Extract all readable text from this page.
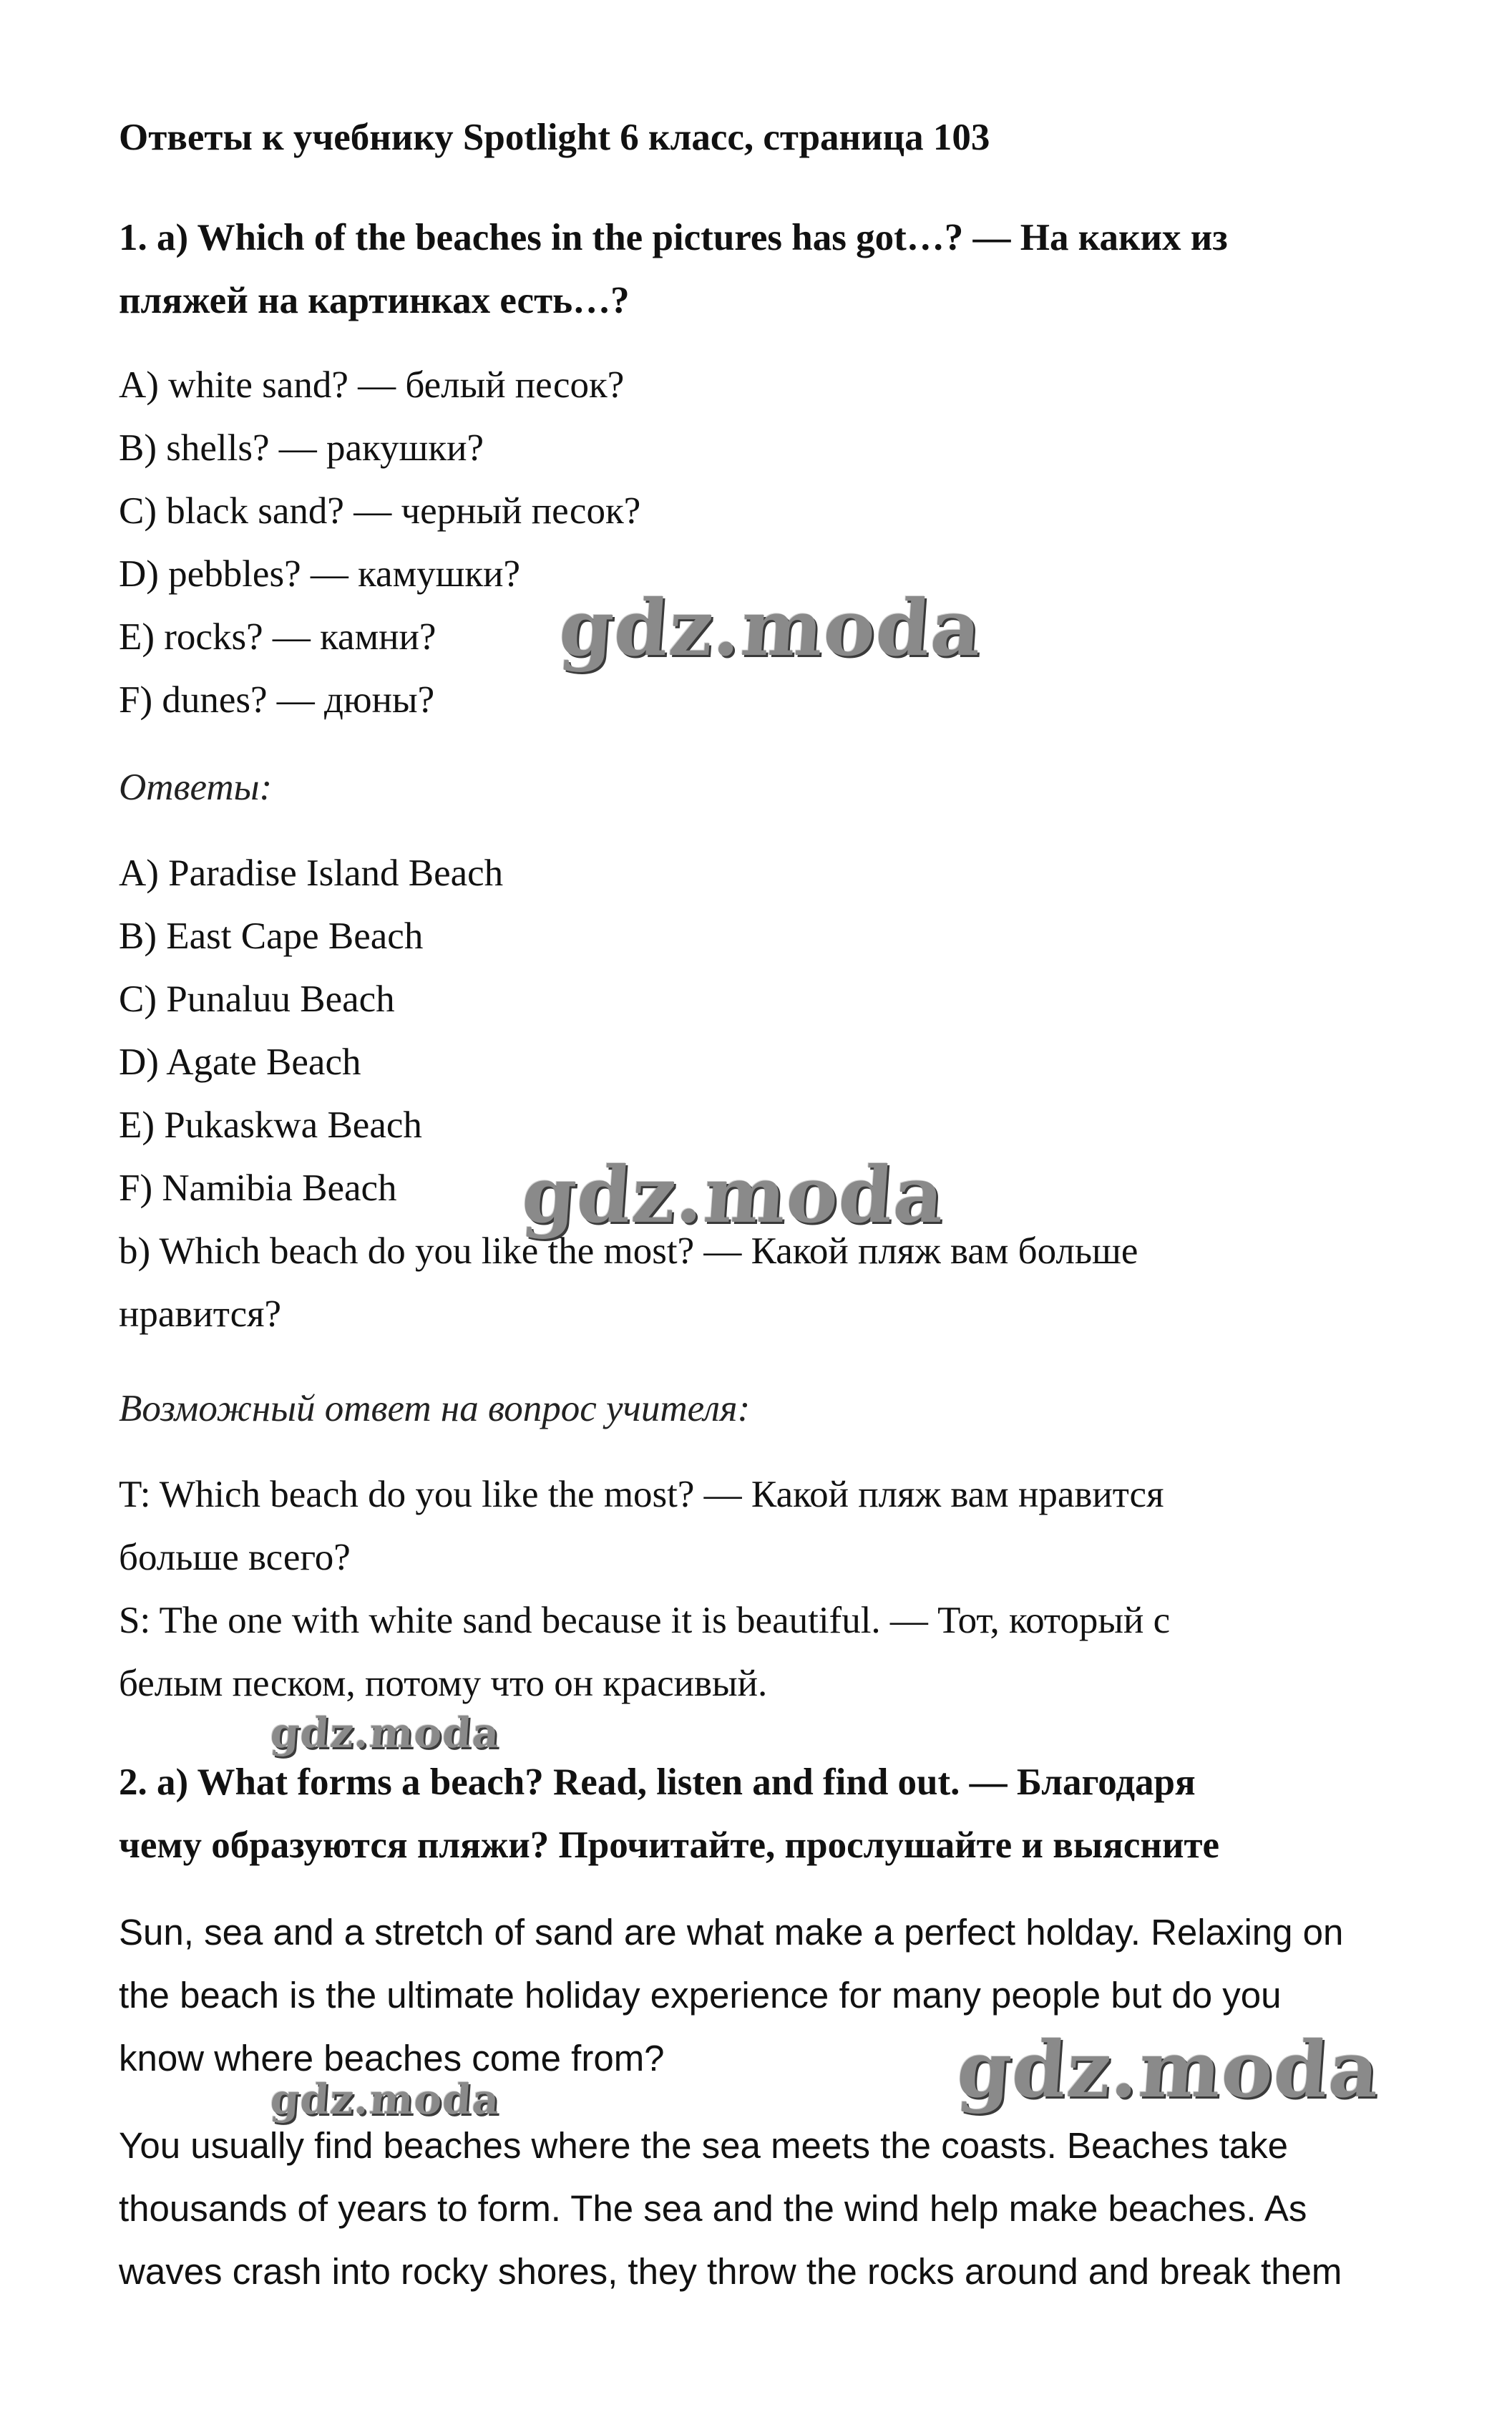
Ответы к учебнику Spotlight 6 класс, страница 103
1. a) Which of the beaches in the pictures has got…? — На каких из
пляжей на картинках есть…?
A) white sand? — белый песок?
B) shells? — ракушки?
C) black sand? — черный песок?
D) pebbles? — камушки?
E) rocks? — камни?
F) dunes? — дюны?
Ответы:
A) Paradise Island Beach
B) East Cape Beach
C) Punaluu Beach
D) Agate Beach
E) Pukaskwa Beach
F) Namibia Beach
b) Which beach do you like the most? — Какой пляж вам больше
нравится?
Возможный ответ на вопрос учителя:
T: Which beach do you like the most? — Какой пляж вам нравится
больше всего?
S: The one with white sand because it is beautiful. — Тот, который с
белым песком, потому что он красивый.
2. a) What forms a beach? Read, listen and find out. — Благодаря
чему образуются пляжи? Прочитайте, прослушайте и выясните
Sun, sea and a stretch of sand are what make a perfect holday. Relaxing on
the beach is the ultimate holiday experience for many people but do you
know where beaches come from?
You usually find beaches where the sea meets the coasts. Beaches take
thousands of years to form. The sea and the wind help make beaches. As
waves crash into rocky shores, they throw the rocks around and break them
gdz.moda
gdz.moda
gdz.moda
gdz.moda
gdz.moda
